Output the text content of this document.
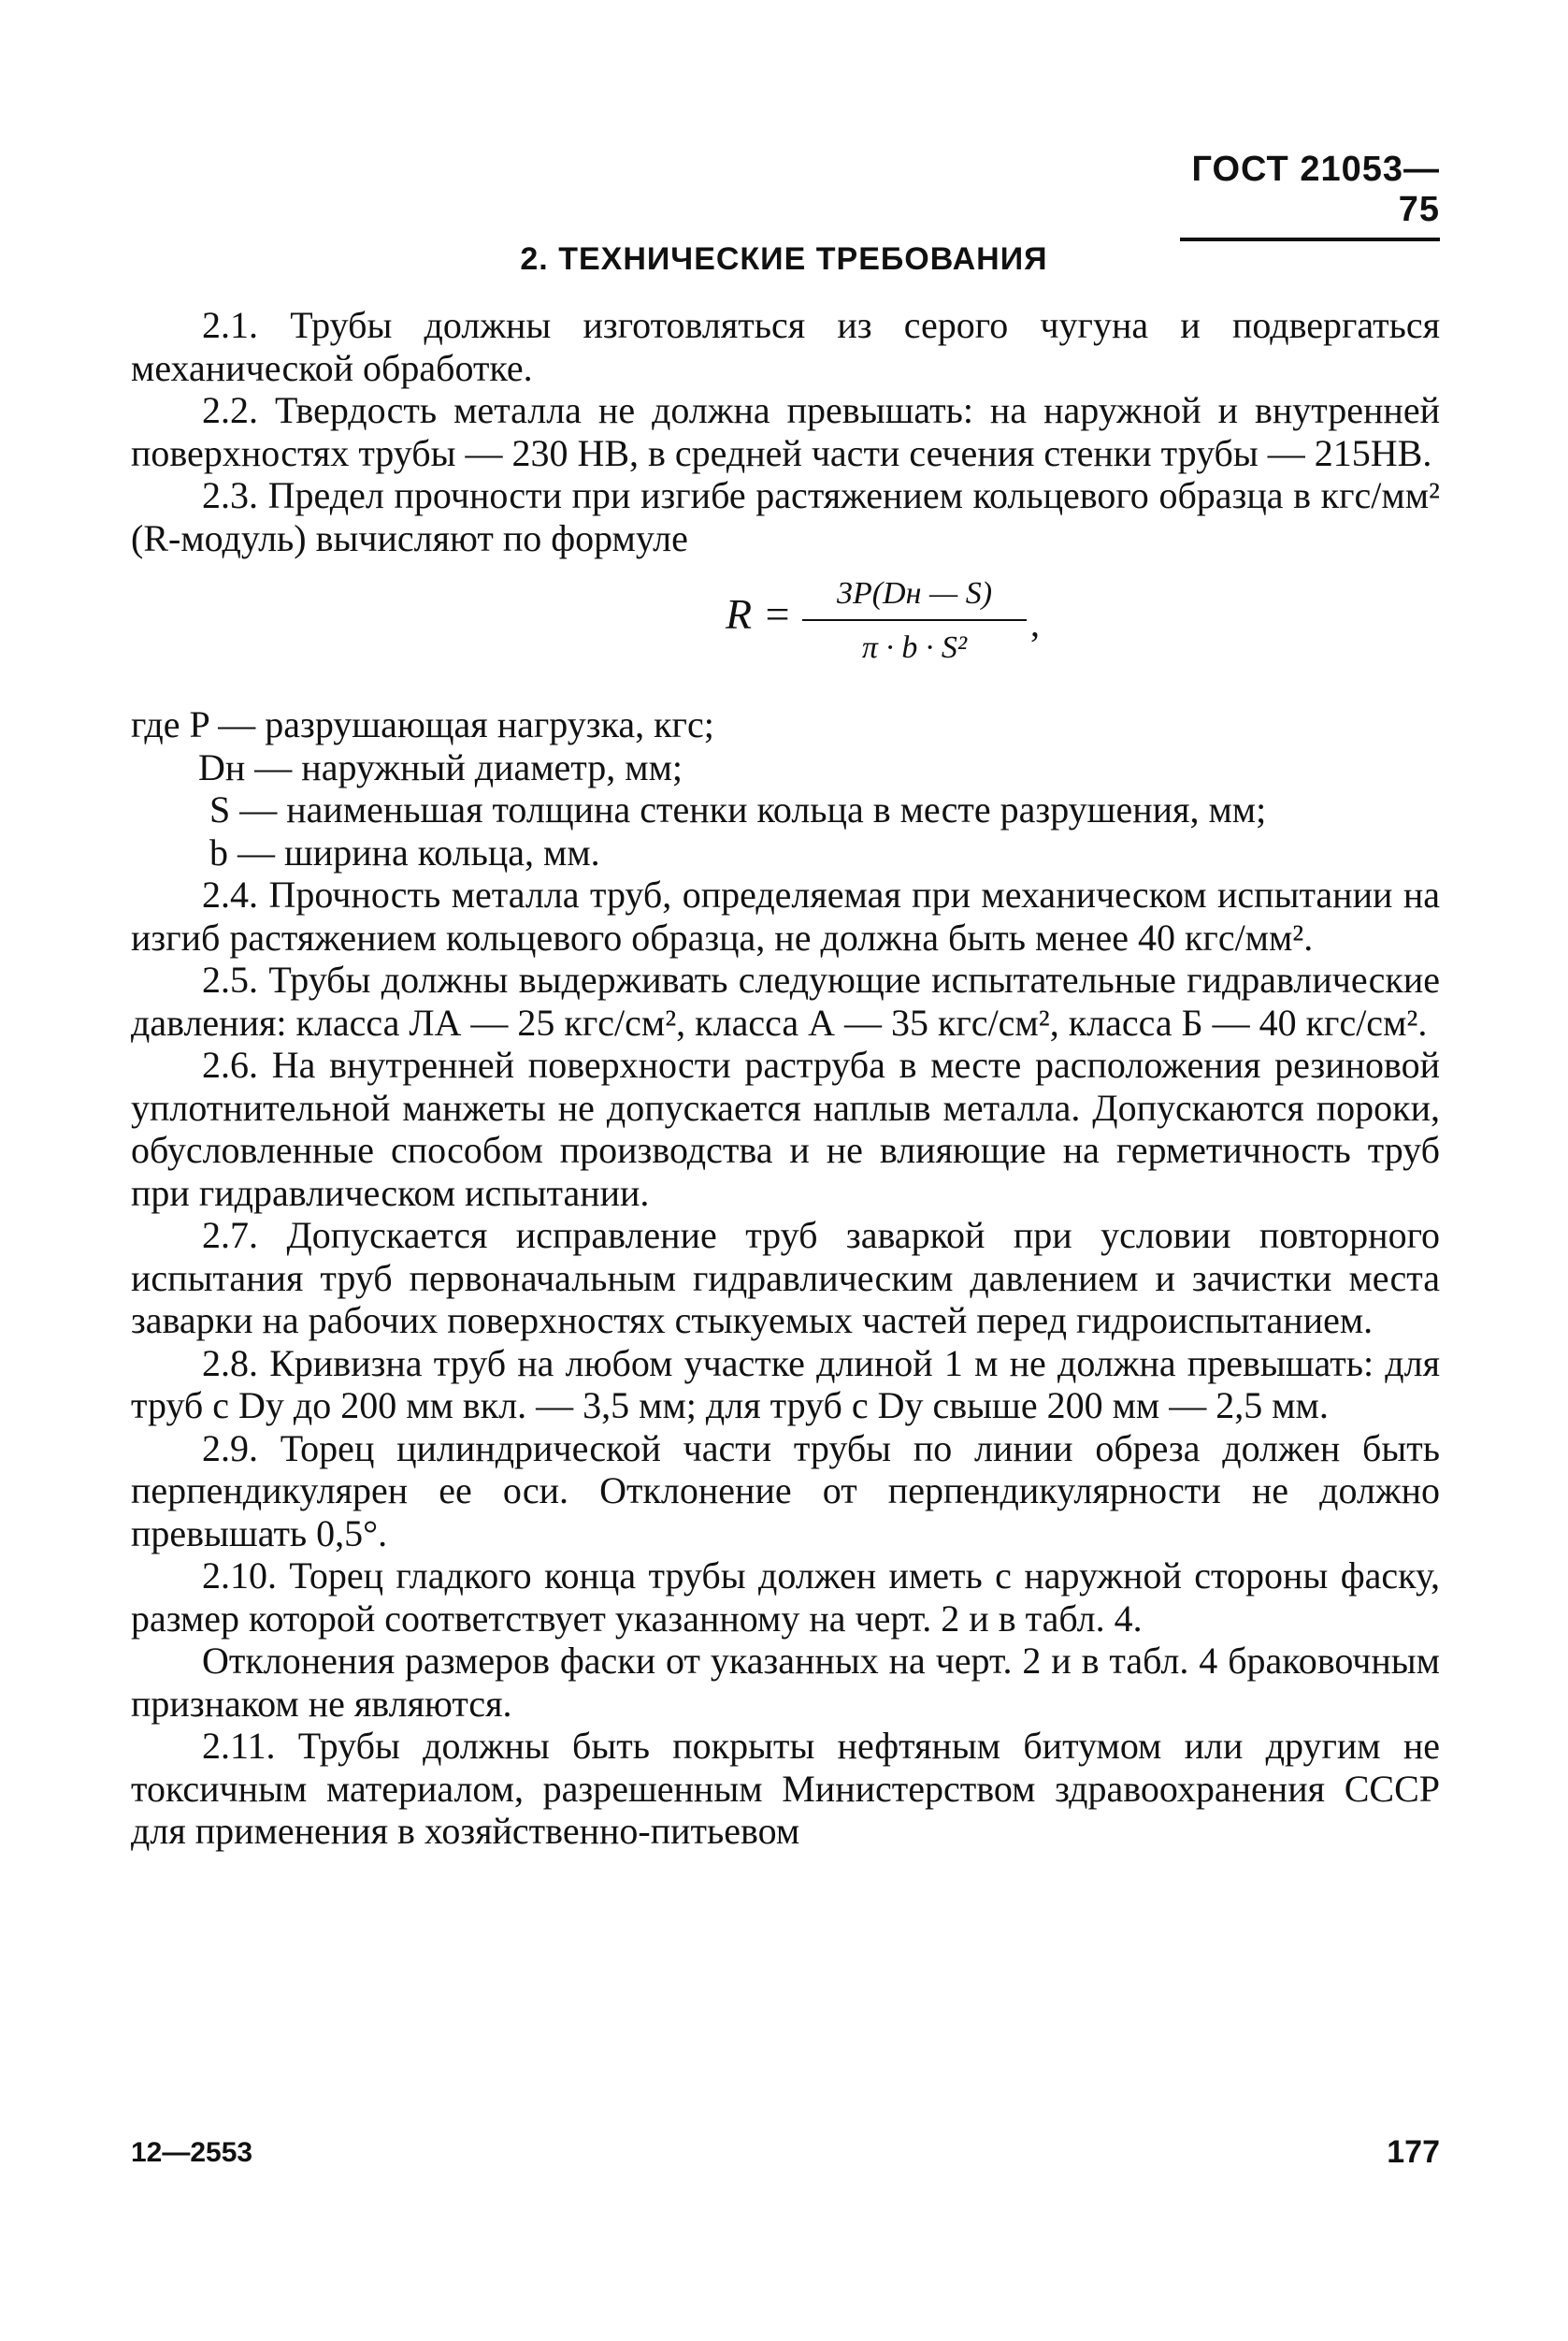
ГОСТ 21053—75
2. ТЕХНИЧЕСКИЕ ТРЕБОВАНИЯ

2.1. Трубы должны изготовляться из серого чугуна и подвергаться механической обработке.

2.2. Твердость металла не должна превышать: на наружной и внутренней поверхностях трубы — 230 НВ, в средней части сечения стенки трубы — 215НВ.

2.3. Предел прочности при изгибе растяжением кольцевого образца в кгс/мм² (R-модуль) вычисляют по формуле

R =	3P(Dн — S)
π · b · S²
,
где P — разрушающая нагрузка, кгс;
Dн — наружный диаметр, мм;
S — наименьшая толщина стенки кольца в месте разрушения, мм;
b — ширина кольца, мм.

2.4. Прочность металла труб, определяемая при механическом испытании на изгиб растяжением кольцевого образца, не должна быть менее 40 кгс/мм².

2.5. Трубы должны выдерживать следующие испытательные гидравлические давления: класса ЛА — 25 кгс/см², класса А — 35 кгс/см², класса Б — 40 кгс/см².

2.6. На внутренней поверхности раструба в месте расположения резиновой уплотнительной манжеты не допускается наплыв металла. Допускаются пороки, обусловленные способом производства и не влияющие на герметичность труб при гидравлическом испытании.

2.7. Допускается исправление труб заваркой при условии повторного испытания труб первоначальным гидравлическим давлением и зачистки места заварки на рабочих поверхностях стыкуемых частей перед гидроиспытанием.

2.8. Кривизна труб на любом участке длиной 1 м не должна превышать: для труб с Dу до 200 мм вкл. — 3,5 мм; для труб с Dу свыше 200 мм — 2,5 мм.

2.9. Торец цилиндрической части трубы по линии обреза должен быть перпендикулярен ее оси. Отклонение от перпендикулярности не должно превышать 0,5°.

2.10. Торец гладкого конца трубы должен иметь с наружной стороны фаску, размер которой соответствует указанному на черт. 2 и в табл. 4.

Отклонения размеров фаски от указанных на черт. 2 и в табл. 4 браковочным признаком не являются.

2.11. Трубы должны быть покрыты нефтяным битумом или другим не токсичным материалом, разрешенным Министерством здравоохранения СССР для применения в хозяйственно-питьевом

12—2553	177
